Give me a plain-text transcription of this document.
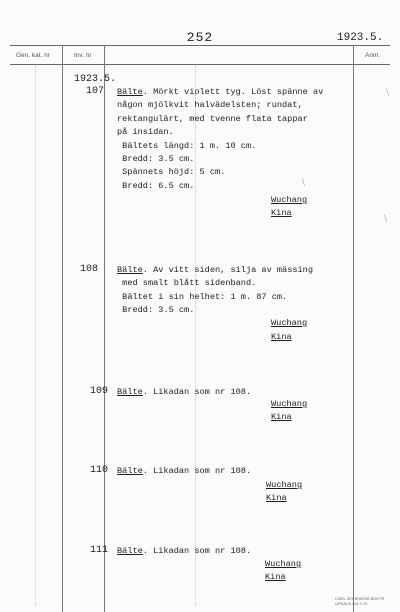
252	1923.5.
Gen. kat. nr	Inv. nr	Anm.
\
\
\
1923.5.
107 Bälte. Mörkt violett tyg. Löst spänne av
någon mjölkvit halvädelsten; rundat,
rektangulärt, med tvenne flata tappar
på insidan.
Bältets längd: 1 m. 10 cm.
Bredd: 3.5 cm.
Spännets höjd: 5 cm.
Bredd: 6.5 cm.
Wuchang
Kina
108 Bälte. Av vitt siden, silja av mässing
med smalt blått sidenband.
Bältet i sin helhet: 1 m. 87 cm.
Bredd: 3.5 cm.
Wuchang
Kina
109 Bälte. Likadan som nr 108.
Wuchang
Kina
110 Bälte. Likadan som nr 108.
Wuchang
Kina
111 Bälte. Likadan som nr 108.
Wuchang
Kina
CARL ZEIHRSENS BOKTR. UPSALA 444 9 70
